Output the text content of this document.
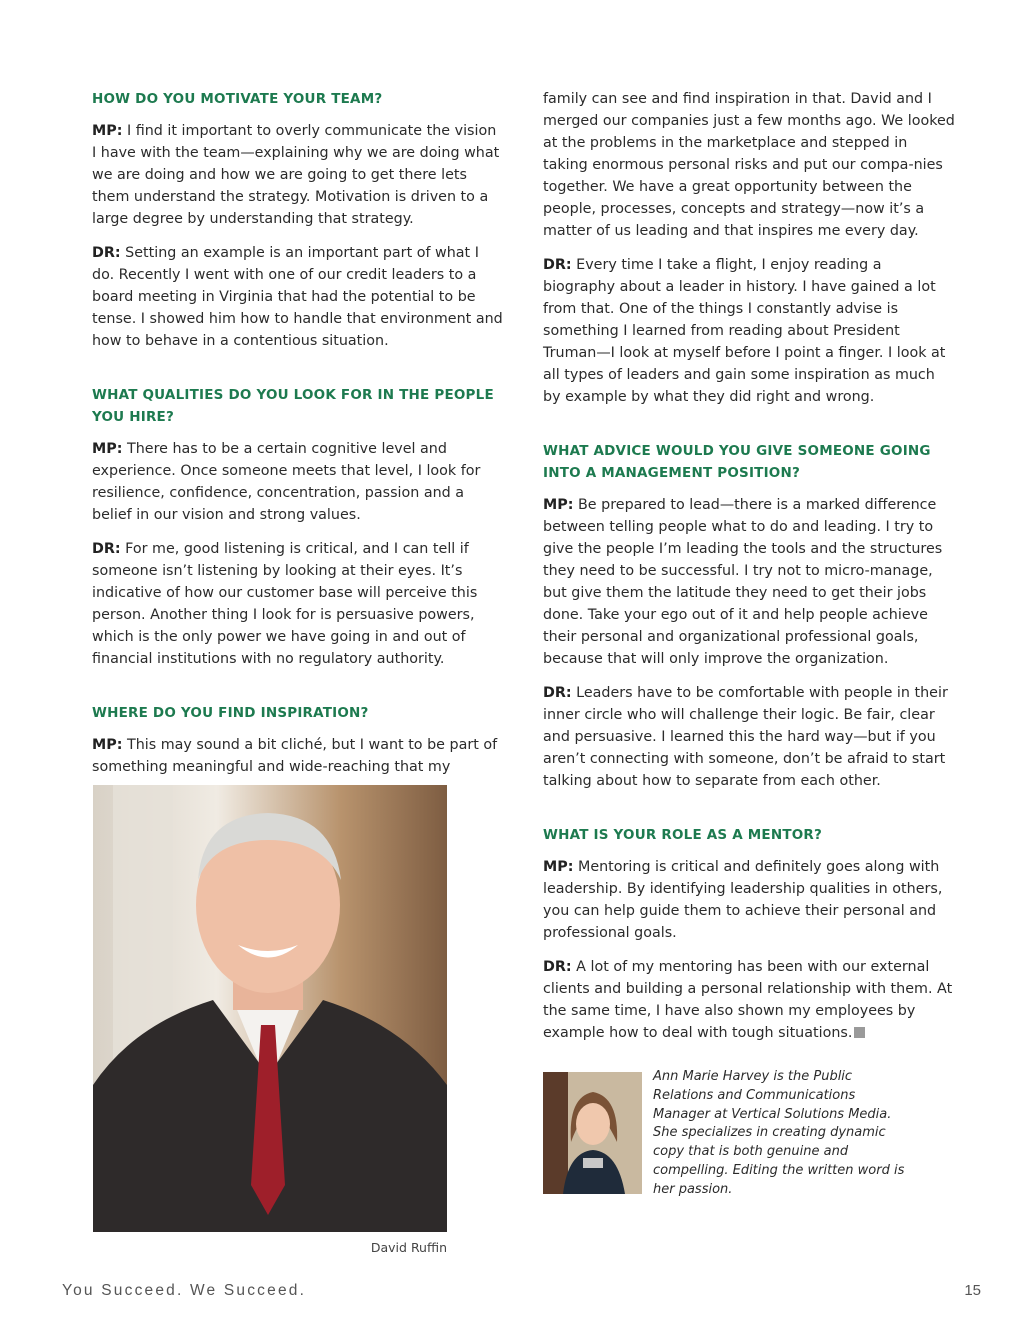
HOW DO YOU MOTIVATE YOUR TEAM?

MP: I find it important to overly communicate the vision I have with the team—explaining why we are doing what we are doing and how we are going to get there lets them understand the strategy. Motivation is driven to a large degree by understanding that strategy.

DR: Setting an example is an important part of what I do. Recently I went with one of our credit leaders to a board meeting in Virginia that had the potential to be tense. I showed him how to handle that environment and how to behave in a contentious situation.

WHAT QUALITIES DO YOU LOOK FOR IN THE PEOPLE YOU HIRE?

MP: There has to be a certain cognitive level and experience. Once someone meets that level, I look for resilience, confidence, concentration, passion and a belief in our vision and strong values.

DR: For me, good listening is critical, and I can tell if someone isn’t listening by looking at their eyes. It’s indicative of how our customer base will perceive this person. Another thing I look for is persuasive powers, which is the only power we have going in and out of financial institutions with no regulatory authority.

WHERE DO YOU FIND INSPIRATION?

MP: This may sound a bit cliché, but I want to be part of something meaningful and wide-reaching that my

family can see and find inspiration in that. David and I merged our companies just a few months ago. We looked at the problems in the marketplace and stepped in taking enormous personal risks and put our compa-nies together. We have a great opportunity between the people, processes, concepts and strategy—now it’s a matter of us leading and that inspires me every day.

DR: Every time I take a flight, I enjoy reading a biography about a leader in history. I have gained a lot from that. One of the things I constantly advise is something I learned from reading about President Truman—I look at myself before I point a finger. I look at all types of leaders and gain some inspiration as much by example by what they did right and wrong.

WHAT ADVICE WOULD YOU GIVE SOMEONE GOING INTO A MANAGEMENT POSITION?

MP: Be prepared to lead—there is a marked difference between telling people what to do and leading. I try to give the people I’m leading the tools and the structures they need to be successful. I try not to micro-manage, but give them the latitude they need to get their jobs done. Take your ego out of it and help people achieve their personal and organizational professional goals, because that will only improve the organization.

DR: Leaders have to be comfortable with people in their inner circle who will challenge their logic. Be fair, clear and persuasive. I learned this the hard way—but if you aren’t connecting with someone, don’t be afraid to start talking about how to separate from each other.

WHAT IS YOUR ROLE AS A MENTOR?

MP: Mentoring is critical and definitely goes along with leadership. By identifying leadership qualities in others, you can help guide them to achieve their personal and professional goals.

DR: A lot of my mentoring has been with our external clients and building a personal relationship with them. At the same time, I have also shown my employees by example how to deal with tough situations.

David Ruffin
Ann Marie Harvey is the Public Relations and Communications Manager at Vertical Solutions Media. She specializes in creating dynamic copy that is both genuine and compelling. Editing the written word is her passion.
You Succeed. We Succeed.	15
